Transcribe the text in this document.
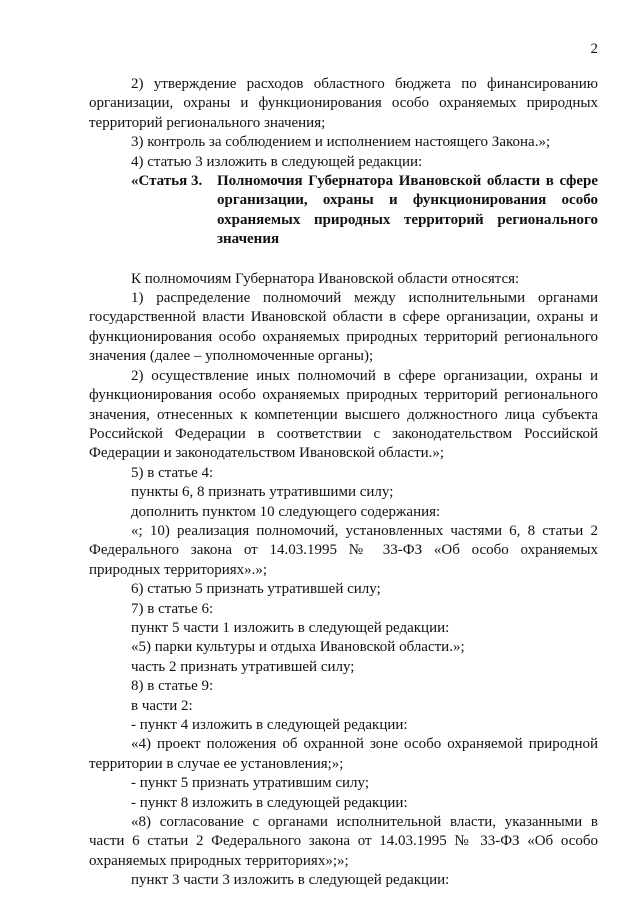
2

2) утверждение расходов областного бюджета по финансированию организации, охраны и функционирования особо охраняемых природных территорий регионального значения;

3) контроль за соблюдением и исполнением настоящего Закона.»;

4) статью 3 изложить в следующей редакции:

«Статья 3. Полномочия Губернатора Ивановской области в сфере организации, охраны и функционирования особо охраняемых природных территорий регионального значения

К полномочиям Губернатора Ивановской области относятся:

1) распределение полномочий между исполнительными органами государственной власти Ивановской области в сфере организации, охраны и функционирования особо охраняемых природных территорий регионального значения (далее – уполномоченные органы);

2) осуществление иных полномочий в сфере организации, охраны и функционирования особо охраняемых природных территорий регионального значения, отнесенных к компетенции высшего должностного лица субъекта Российской Федерации в соответствии с законодательством Российской Федерации и законодательством Ивановской области.»;

5) в статье 4:

пункты 6, 8 признать утратившими силу;

дополнить пунктом 10 следующего содержания:

«; 10) реализация полномочий, установленных частями 6, 8 статьи 2 Федерального закона от 14.03.1995 № 33-ФЗ «Об особо охраняемых природных территориях».»;

6) статью 5 признать утратившей силу;

7) в статье 6:

пункт 5 части 1 изложить в следующей редакции:

«5) парки культуры и отдыха Ивановской области.»;

часть 2 признать утратившей силу;

8) в статье 9:

в части 2:

- пункт 4 изложить в следующей редакции:

«4) проект положения об охранной зоне особо охраняемой природной территории в случае ее установления;»;

- пункт 5 признать утратившим силу;

- пункт 8 изложить в следующей редакции:

«8) согласование с органами исполнительной власти, указанными в части 6 статьи 2 Федерального закона от 14.03.1995 № 33-ФЗ «Об особо охраняемых природных территориях»;»;

пункт 3 части 3 изложить в следующей редакции:
